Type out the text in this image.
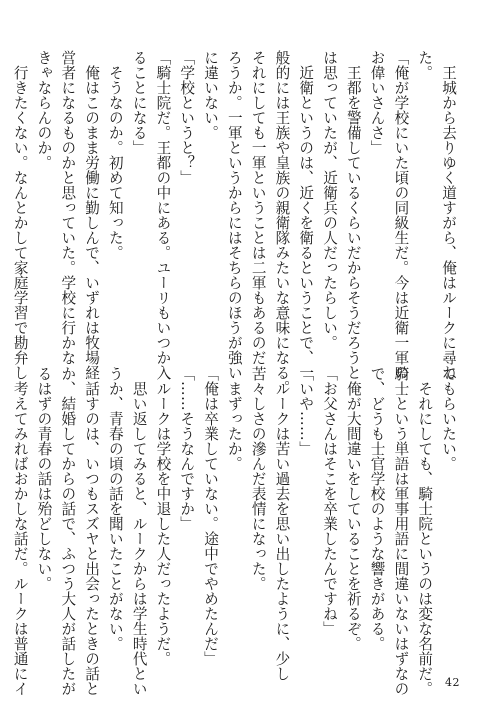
　王城から去りゆく道すがら、俺はルークに尋ね
た。
「俺が学校にいた頃の同級生だ。今は近衛一軍の
お偉いさんさ」
　王都を警備しているくらいだからそうだろうと
は思っていたが、近衛兵の人だったらしい。
　近衛というのは、近くを衛るということで、一
般的には王族や皇族の親衛隊みたいな意味になる。
それにしても一軍ということは二軍もあるのだ
ろうか。一軍というからにはそちらのほうが強い
に違いない。
「学校というと？」
「騎士院だ。王都の中にある。ユーリもいつか入
ることになる」
　そうなのか。初めて知った。
　俺はこのまま労働に勤しんで、いずれは牧場経
営者になるものかと思っていた。学校に行かな
きゃならんのか。
　行きたくない。なんとかして家庭学習で勘弁し
てもらいたい。
　それにしても、騎士院というのは変な名前だ。
騎士という単語は軍事用語に間違いないはずなの
で、どうも士官学校のような響きがある。
　俺が大間違いをしていることを祈るぞ。
「お父さんはそこを卒業したんですね」
「いや……」
　ルークは苦い過去を思い出したように、少し
苦々しさの滲んだ表情になった。
　まずったか。
「俺は卒業していない。途中でやめたんだ」
「……そうなんですか」
　ルークは学校を中退した人だったようだ。
　思い返してみると、ルークからは学生時代とい
うか、青春の頃の話を聞いたことがない。
　話すのは、いつもスズヤと出会ったときの話と
か、結婚してからの話で、ふつう大人が話したが
るはずの青春の話は殆どしない。
　考えてみればおかしな話だ。ルークは普通にイ	42
